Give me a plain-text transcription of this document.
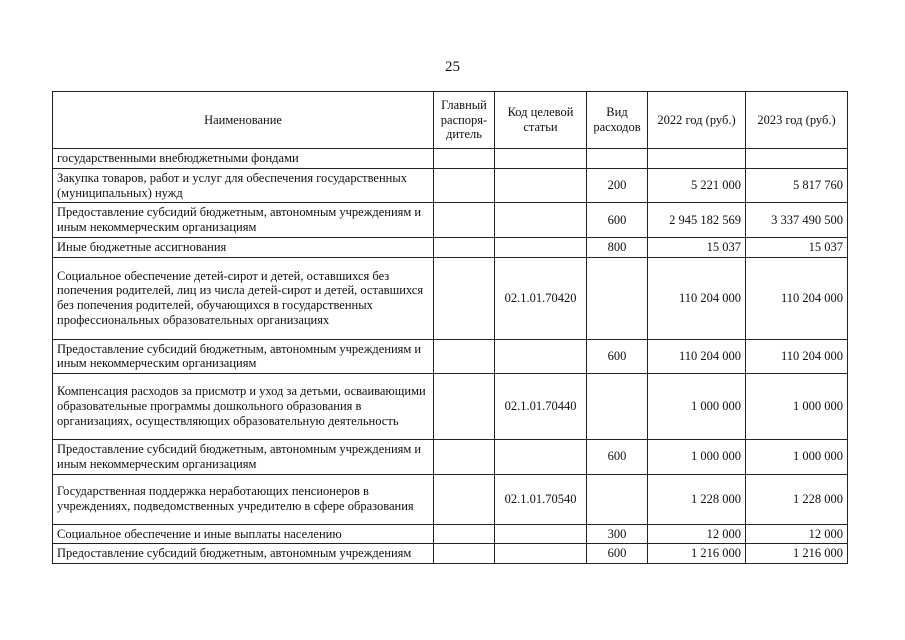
25
Наименование	Главный распоря-дитель	Код целевой статьи	Вид расходов	2022 год (руб.)	2023 год (руб.)
государственными внебюджетными фондами					
Закупка товаров, работ и услуг для обеспечения государственных (муниципальных) нужд			200	5 221 000	5 817 760
Предоставление субсидий бюджетным, автономным учреждениям и иным некоммерческим организациям			600	2 945 182 569	3 337 490 500
Иные бюджетные ассигнования			800	15 037	15 037
Социальное обеспечение детей-сирот и детей, оставшихся без попечения родителей, лиц из числа детей-сирот и детей, оставшихся без попечения родителей, обучающихся в государственных профессиональных образовательных организациях		02.1.01.70420		110 204 000	110 204 000
Предоставление субсидий бюджетным, автономным учреждениям и иным некоммерческим организациям			600	110 204 000	110 204 000
Компенсация расходов за присмотр и уход за детьми, осваивающими образовательные программы дошкольного образования в организациях, осуществляющих образовательную деятельность		02.1.01.70440		1 000 000	1 000 000
Предоставление субсидий бюджетным, автономным учреждениям и иным некоммерческим организациям			600	1 000 000	1 000 000
Государственная поддержка неработающих пенсионеров в учреждениях, подведомственных учредителю в сфере образования		02.1.01.70540		1 228 000	1 228 000
Социальное обеспечение и иные выплаты населению			300	12 000	12 000
Предоставление субсидий бюджетным, автономным учреждениям			600	1 216 000	1 216 000
